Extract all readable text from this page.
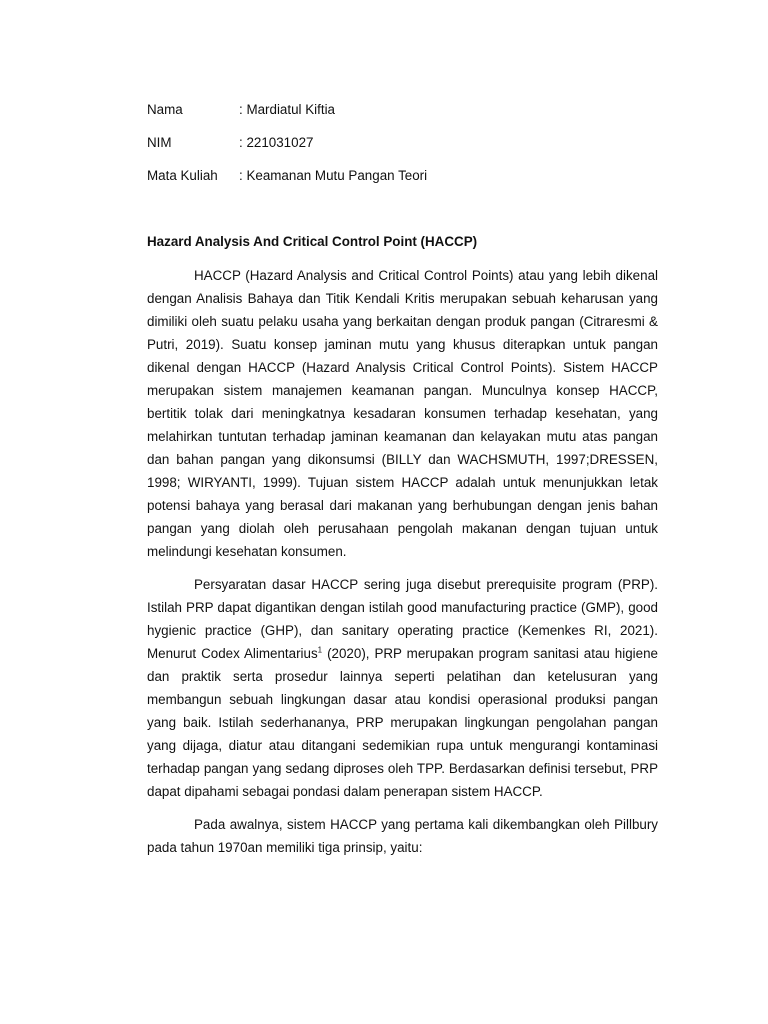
Nama	: Mardiatul Kiftia
NIM	: 221031027
Mata Kuliah	: Keamanan Mutu Pangan Teori
Hazard Analysis And Critical Control Point (HACCP)

HACCP (Hazard Analysis and Critical Control Points) atau yang lebih dikenal dengan Analisis Bahaya dan Titik Kendali Kritis merupakan sebuah keharusan yang dimiliki oleh suatu pelaku usaha yang berkaitan dengan produk pangan (Citraresmi & Putri, 2019). Suatu konsep jaminan mutu yang khusus diterapkan untuk pangan dikenal dengan HACCP (Hazard Analysis Critical Control Points). Sistem HACCP merupakan sistem manajemen keamanan pangan. Munculnya konsep HACCP, bertitik tolak dari meningkatnya kesadaran konsumen terhadap kesehatan, yang melahirkan tuntutan terhadap jaminan keamanan dan kelayakan mutu atas pangan dan bahan pangan yang dikonsumsi (BILLY dan WACHSMUTH, 1997;DRESSEN, 1998; WIRYANTI, 1999). Tujuan sistem HACCP adalah untuk menunjukkan letak potensi bahaya yang berasal dari makanan yang berhubungan dengan jenis bahan pangan yang diolah oleh perusahaan pengolah makanan dengan tujuan untuk melindungi kesehatan konsumen.

Persyaratan dasar HACCP sering juga disebut prerequisite program (PRP). Istilah PRP dapat digantikan dengan istilah good manufacturing practice (GMP), good hygienic practice (GHP), dan sanitary operating practice (Kemenkes RI, 2021). Menurut Codex Alimentarius$^1$ (2020), PRP merupakan program sanitasi atau higiene dan praktik serta prosedur lainnya seperti pelatihan dan ketelusuran yang membangun sebuah lingkungan dasar atau kondisi operasional produksi pangan yang baik. Istilah sederhananya, PRP merupakan lingkungan pengolahan pangan yang dijaga, diatur atau ditangani sedemikian rupa untuk mengurangi kontaminasi terhadap pangan yang sedang diproses oleh TPP. Berdasarkan definisi tersebut, PRP dapat dipahami sebagai pondasi dalam penerapan sistem HACCP.

Pada awalnya, sistem HACCP yang pertama kali dikembangkan oleh Pillbury pada tahun 1970an memiliki tiga prinsip, yaitu:
